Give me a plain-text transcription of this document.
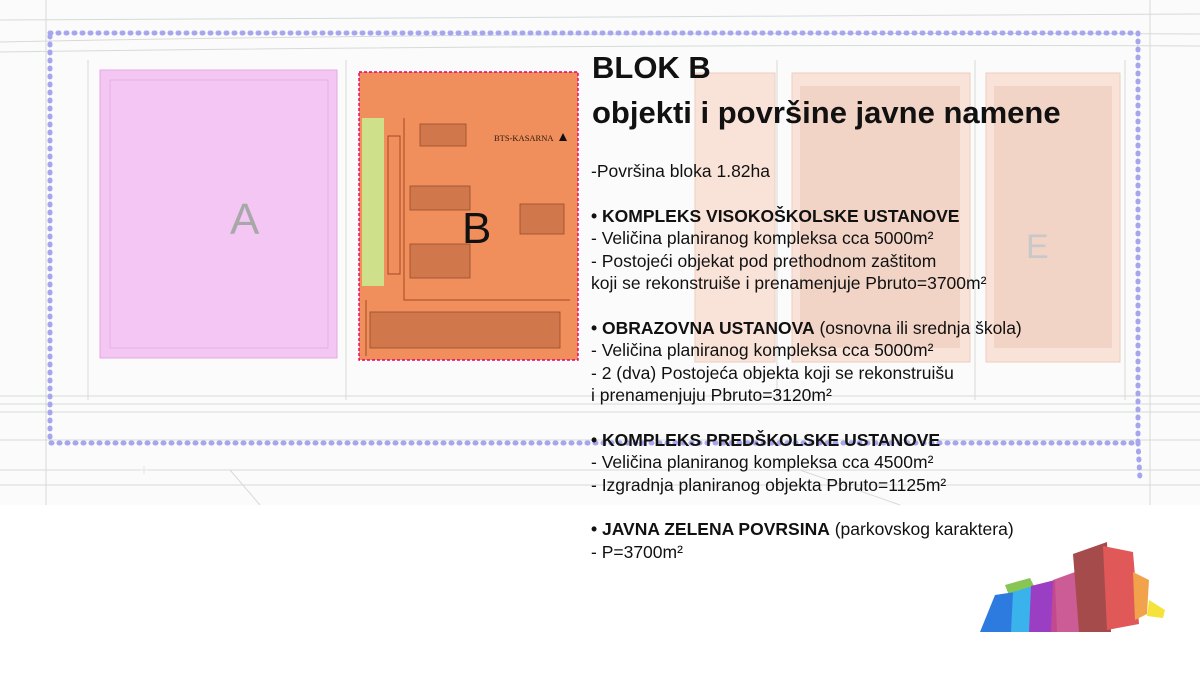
A	B	E
BTS-KASARNA
BLOK B
objekti i površine javne namene
-Površina bloka 1.82ha
• KOMPLEKS VISOKOŠKOLSKE USTANOVE
- Veličina planiranog kompleksa cca 5000m²
- Postojeći objekat pod prethodnom zaštitom
koji se rekonstruiše i prenamenjuje Pbruto=3700m²
• OBRAZOVNA USTANOVA (osnovna ili srednja škola)
- Veličina planiranog kompleksa cca 5000m²
- 2 (dva) Postojeća objekta koji se rekonstruišu
i prenamenjuju Pbruto=3120m²
• KOMPLEKS PREDŠKOLSKE USTANOVE
- Veličina planiranog kompleksa cca 4500m²
- Izgradnja planiranog objekta Pbruto=1125m²
• JAVNA ZELENA POVRSINA (parkovskog karaktera)
- P=3700m²
